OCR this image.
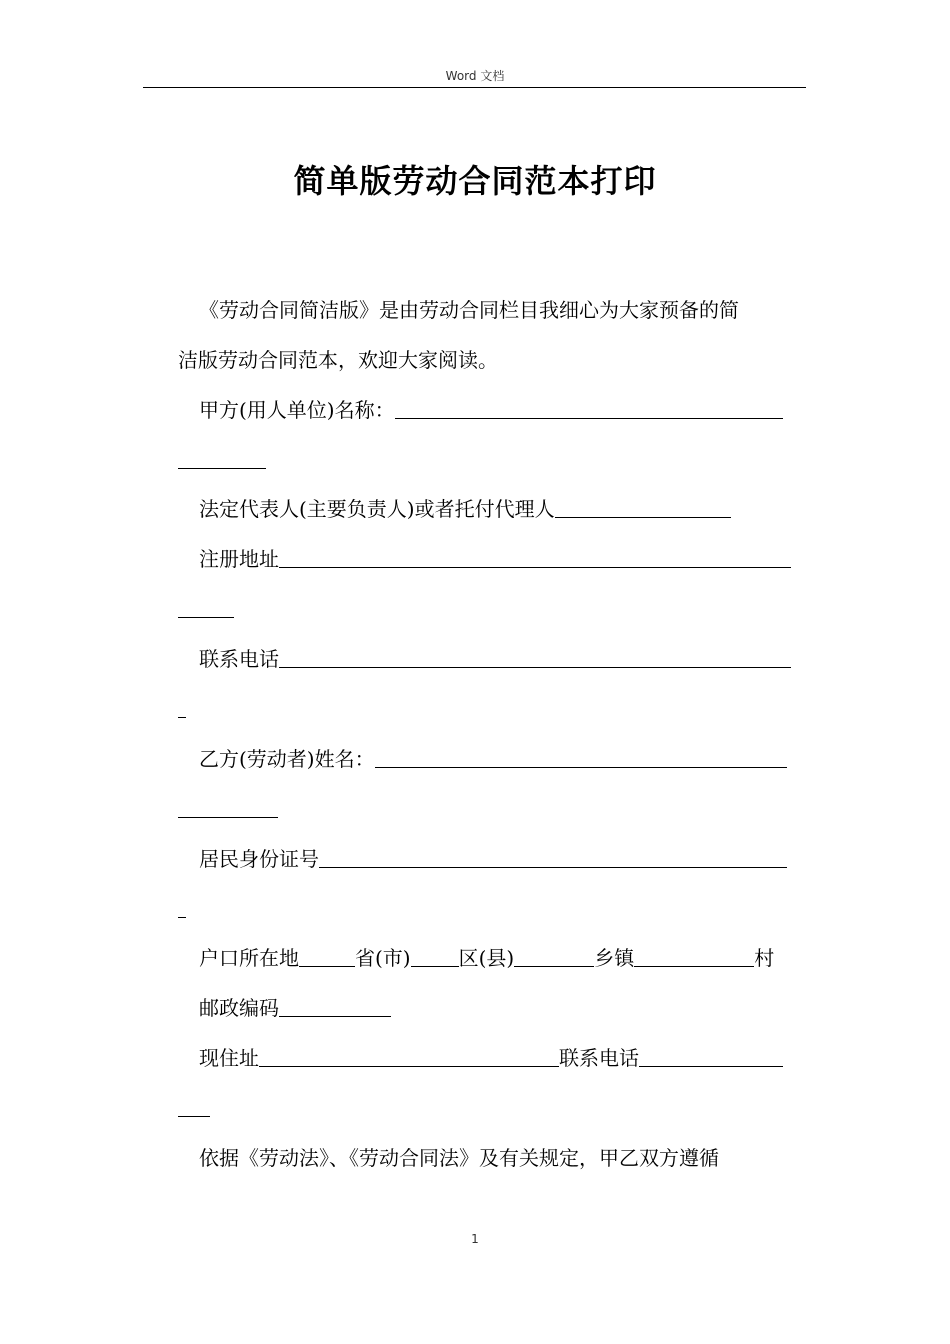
Word 文档
简单版劳动合同范本打印
《劳动合同简洁版》是由劳动合同栏目我细心为大家预备的简
洁版劳动合同范本，欢迎大家阅读。
甲方(用人单位)名称：
法定代表人(主要负责人)或者托付代理人
注册地址
联系电话
乙方(劳动者)姓名：
居民身份证号
户口所在地	省(市) 区(县)	乡镇	村
邮政编码
现住址	联系电话
依据《劳动法》、《劳动合同法》及有关规定，甲乙双方遵循
1
